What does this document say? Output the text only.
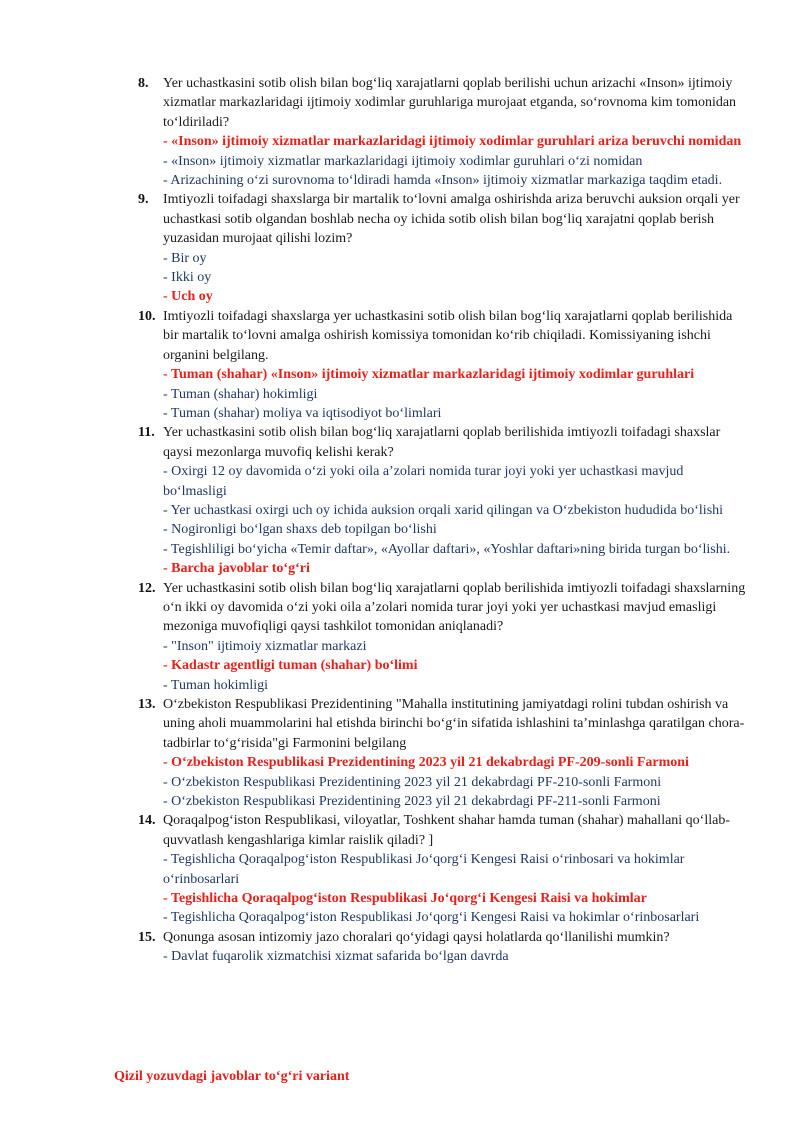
8. Yer uchastkasini sotib olish bilan bog‘liq xarajatlarni qoplab berilishi uchun arizachi «Inson» ijtimoiy xizmatlar markazlaridagi ijtimoiy xodimlar guruhlariga murojaat etganda, so‘rovnoma kim tomonidan to‘ldiriladi?
- «Inson» ijtimoiy xizmatlar markazlaridagi ijtimoiy xodimlar guruhlari ariza beruvchi nomidan
- «Inson» ijtimoiy xizmatlar markazlaridagi ijtimoiy xodimlar guruhlari o‘zi nomidan
- Arizachining o‘zi surovnoma to‘ldiradi hamda «Inson» ijtimoiy xizmatlar markaziga taqdim etadi.
9. Imtiyozli toifadagi shaxslarga bir martalik to‘lovni amalga oshirishda ariza beruvchi auksion orqali yer uchastkasi sotib olgandan boshlab necha oy ichida sotib olish bilan bog‘liq xarajatni qoplab berish yuzasidan murojaat qilishi lozim?
- Bir oy
- Ikki oy
- Uch oy
10. Imtiyozli toifadagi shaxslarga yer uchastkasini sotib olish bilan bog‘liq xarajatlarni qoplab berilishida bir martalik to‘lovni amalga oshirish komissiya tomonidan ko‘rib chiqiladi. Komissiyaning ishchi organini belgilang.
- Tuman (shahar) «Inson» ijtimoiy xizmatlar markazlaridagi ijtimoiy xodimlar guruhlari
- Tuman (shahar) hokimligi
- Tuman (shahar) moliya va iqtisodiyot bo‘limlari
11. Yer uchastkasini sotib olish bilan bog‘liq xarajatlarni qoplab berilishida imtiyozli toifadagi shaxslar qaysi mezonlarga muvofiq kelishi kerak?
- Oxirgi 12 oy davomida o‘zi yoki oila a’zolari nomida turar joyi yoki yer uchastkasi mavjud bo‘lmasligi
- Yer uchastkasi oxirgi uch oy ichida auksion orqali xarid qilingan va O‘zbekiston hududida bo‘lishi
- Nogironligi bo‘lgan shaxs deb topilgan bo‘lishi
- Tegishliligi bo‘yicha «Temir daftar», «Ayollar daftari», «Yoshlar daftari»ning birida turgan bo‘lishi.
- Barcha javoblar to‘g‘ri
12. Yer uchastkasini sotib olish bilan bog‘liq xarajatlarni qoplab berilishida imtiyozli toifadagi shaxslarning o‘n ikki oy davomida o‘zi yoki oila a’zolari nomida turar joyi yoki yer uchastkasi mavjud emasligi mezoniga muvofiqligi qaysi tashkilot tomonidan aniqlanadi?
- "Inson" ijtimoiy xizmatlar markazi
- Kadastr agentligi tuman (shahar) bo‘limi
- Tuman hokimligi
13. O‘zbekiston Respublikasi Prezidentining "Mahalla institutining jamiyatdagi rolini tubdan oshirish va uning aholi muammolarini hal etishda birinchi bo‘g‘in sifatida ishlashini ta’minlashga qaratilgan chora-tadbirlar to‘g‘risida"gi Farmonini belgilang
- O‘zbekiston Respublikasi Prezidentining 2023 yil 21 dekabrdagi PF-209-sonli Farmoni
- O‘zbekiston Respublikasi Prezidentining 2023 yil 21 dekabrdagi PF-210-sonli Farmoni
- O‘zbekiston Respublikasi Prezidentining 2023 yil 21 dekabrdagi PF-211-sonli Farmoni
14. Qoraqalpog‘iston Respublikasi, viloyatlar, Toshkent shahar hamda tuman (shahar) mahallani qo‘llab-quvvatlash kengashlariga kimlar raislik qiladi? ]
- Tegishlicha Qoraqalpog‘iston Respublikasi Jo‘qorg‘i Kengesi Raisi o‘rinbosari va hokimlar o‘rinbosarlari
- Tegishlicha Qoraqalpog‘iston Respublikasi Jo‘qorg‘i Kengesi Raisi va hokimlar
- Tegishlicha Qoraqalpog‘iston Respublikasi Jo‘qorg‘i Kengesi Raisi va hokimlar o‘rinbosarlari
15. Qonunga asosan intizomiy jazo choralari qo‘yidagi qaysi holatlarda qo‘llanilishi mumkin?
- Davlat fuqarolik xizmatchisi xizmat safarida bo‘lgan davrda
Qizil yozuvdagi javoblar to‘g‘ri variant
